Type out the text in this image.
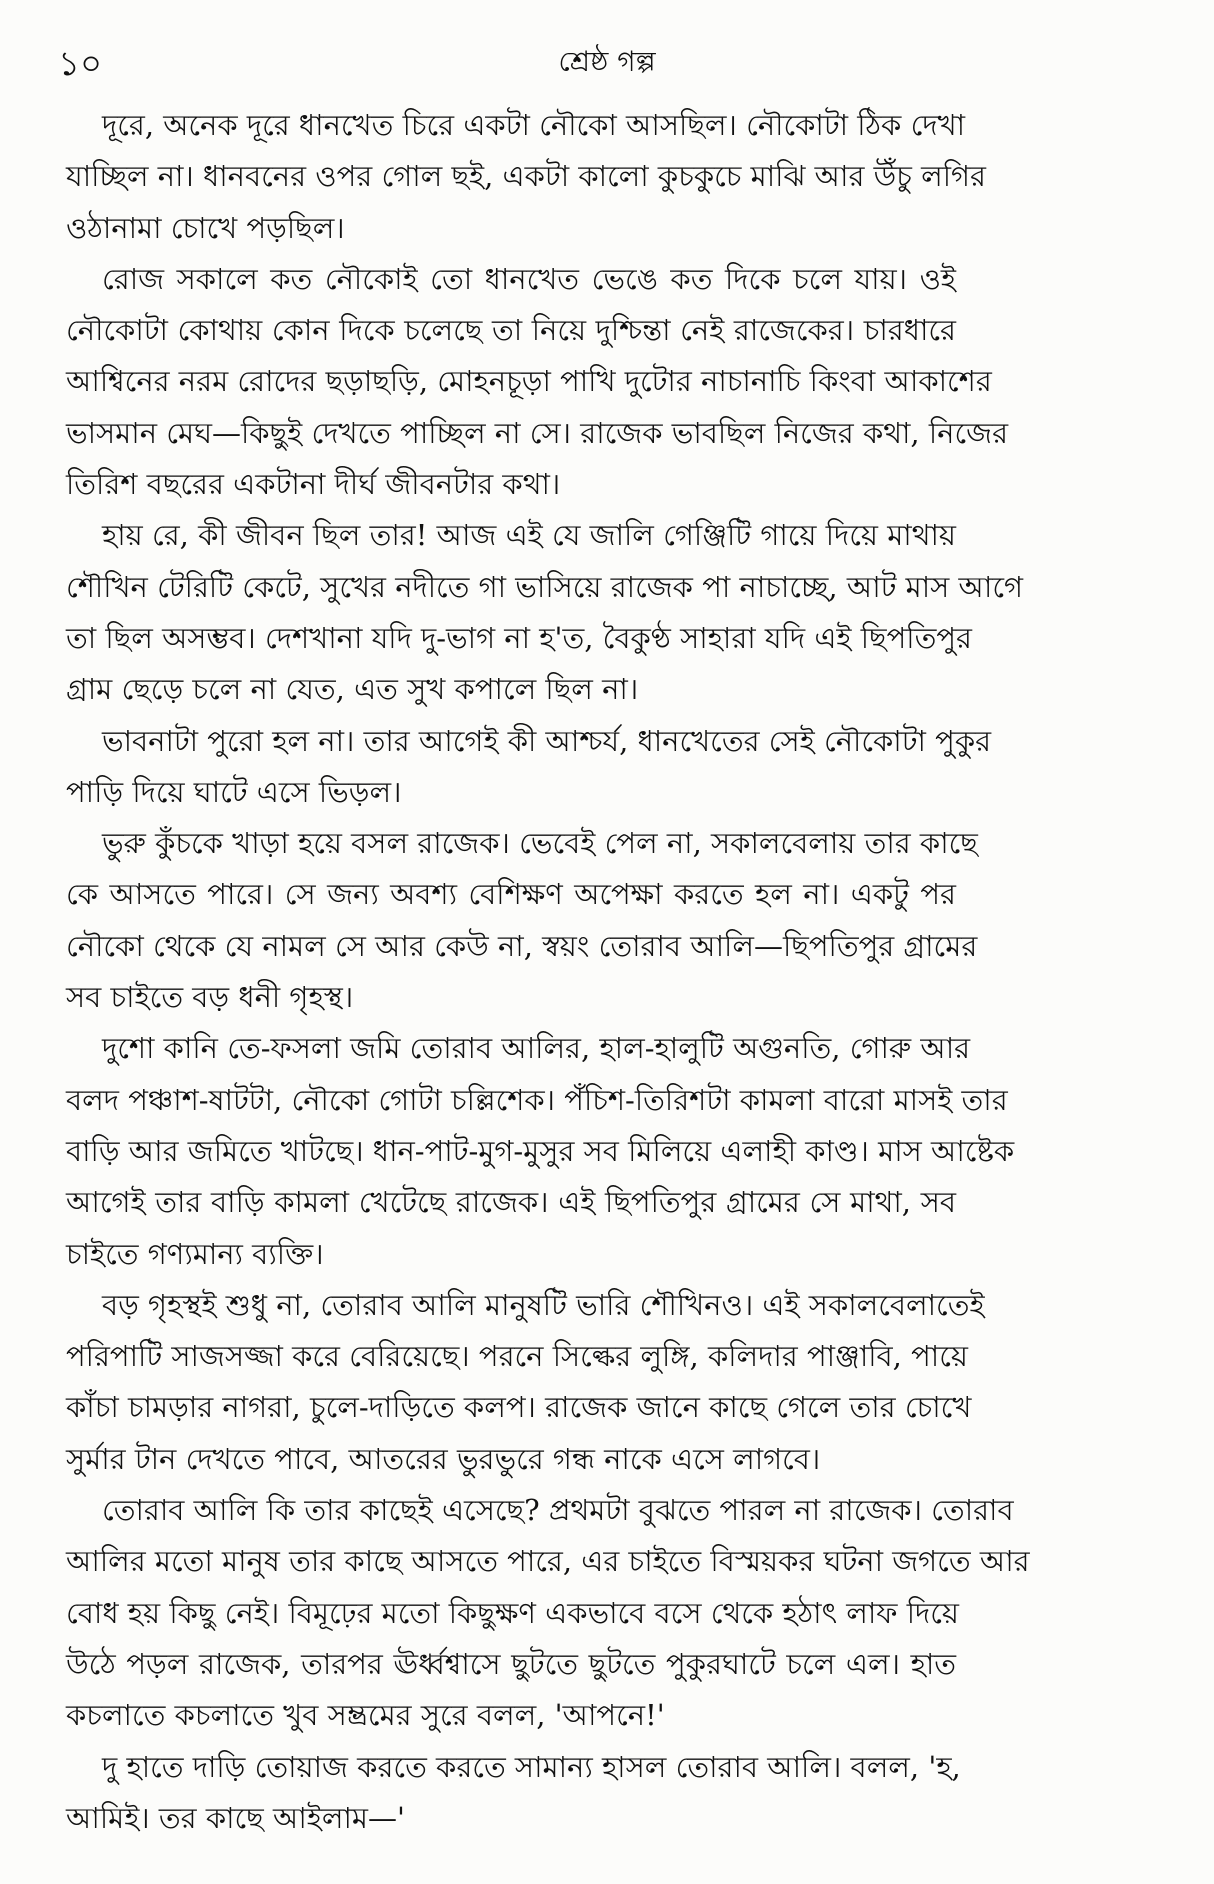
১০	শ্রেষ্ঠ গল্প
দূরে, অনেক দূরে ধানখেত চিরে একটা নৌকো আসছিল। নৌকোটা ঠিক দেখা
যাচ্ছিল না। ধানবনের ওপর গোল ছই, একটা কালো কুচকুচে মাঝি আর উঁচু লগির
ওঠানামা চোখে পড়ছিল।
রোজ সকালে কত নৌকোই তো ধানখেত ভেঙে কত দিকে চলে যায়। ওই
নৌকোটা কোথায় কোন দিকে চলেছে তা নিয়ে দুশ্চিন্তা নেই রাজেকের। চারধারে
আশ্বিনের নরম রোদের ছড়াছড়ি, মোহনচূড়া পাখি দুটোর নাচানাচি কিংবা আকাশের
ভাসমান মেঘ—কিছুই দেখতে পাচ্ছিল না সে। রাজেক ভাবছিল নিজের কথা, নিজের
তিরিশ বছরের একটানা দীর্ঘ জীবনটার কথা।
হায় রে, কী জীবন ছিল তার! আজ এই যে জালি গেঞ্জিটি গায়ে দিয়ে মাথায়
শৌখিন টেরিটি কেটে, সুখের নদীতে গা ভাসিয়ে রাজেক পা নাচাচ্ছে, আট মাস আগে
তা ছিল অসম্ভব। দেশখানা যদি দু-ভাগ না হ'ত, বৈকুণ্ঠ সাহারা যদি এই ছিপতিপুর
গ্রাম ছেড়ে চলে না যেত, এত সুখ কপালে ছিল না।
ভাবনাটা পুরো হল না। তার আগেই কী আশ্চর্য, ধানখেতের সেই নৌকোটা পুকুর
পাড়ি দিয়ে ঘাটে এসে ভিড়ল।
ভুরু কুঁচকে খাড়া হয়ে বসল রাজেক। ভেবেই পেল না, সকালবেলায় তার কাছে
কে আসতে পারে। সে জন্য অবশ্য বেশিক্ষণ অপেক্ষা করতে হল না। একটু পর
নৌকো থেকে যে নামল সে আর কেউ না, স্বয়ং তোরাব আলি—ছিপতিপুর গ্রামের
সব চাইতে বড় ধনী গৃহস্থ।
দুশো কানি তে-ফসলা জমি তোরাব আলির, হাল-হালুটি অগুনতি, গোরু আর
বলদ পঞ্চাশ-ষাটটা, নৌকো গোটা চল্লিশেক। পঁচিশ-তিরিশটা কামলা বারো মাসই তার
বাড়ি আর জমিতে খাটছে। ধান-পাট-মুগ-মুসুর সব মিলিয়ে এলাহী কাণ্ড। মাস আষ্টেক
আগেই তার বাড়ি কামলা খেটেছে রাজেক। এই ছিপতিপুর গ্রামের সে মাথা, সব
চাইতে গণ্যমান্য ব্যক্তি।
বড় গৃহস্থই শুধু না, তোরাব আলি মানুষটি ভারি শৌখিনও। এই সকালবেলাতেই
পরিপাটি সাজসজ্জা করে বেরিয়েছে। পরনে সিল্কের লুঙ্গি, কলিদার পাঞ্জাবি, পায়ে
কাঁচা চামড়ার নাগরা, চুলে-দাড়িতে কলপ। রাজেক জানে কাছে গেলে তার চোখে
সুর্মার টান দেখতে পাবে, আতরের ভুরভুরে গন্ধ নাকে এসে লাগবে।
তোরাব আলি কি তার কাছেই এসেছে? প্রথমটা বুঝতে পারল না রাজেক। তোরাব
আলির মতো মানুষ তার কাছে আসতে পারে, এর চাইতে বিস্ময়কর ঘটনা জগতে আর
বোধ হয় কিছু নেই। বিমূঢ়ের মতো কিছুক্ষণ একভাবে বসে থেকে হঠাৎ লাফ দিয়ে
উঠে পড়ল রাজেক, তারপর ঊর্ধ্বশ্বাসে ছুটতে ছুটতে পুকুরঘাটে চলে এল। হাত
কচলাতে কচলাতে খুব সম্ভ্রমের সুরে বলল, 'আপনে!'
দু হাতে দাড়ি তোয়াজ করতে করতে সামান্য হাসল তোরাব আলি। বলল, 'হ,
আমিই। তর কাছে আইলাম—'
